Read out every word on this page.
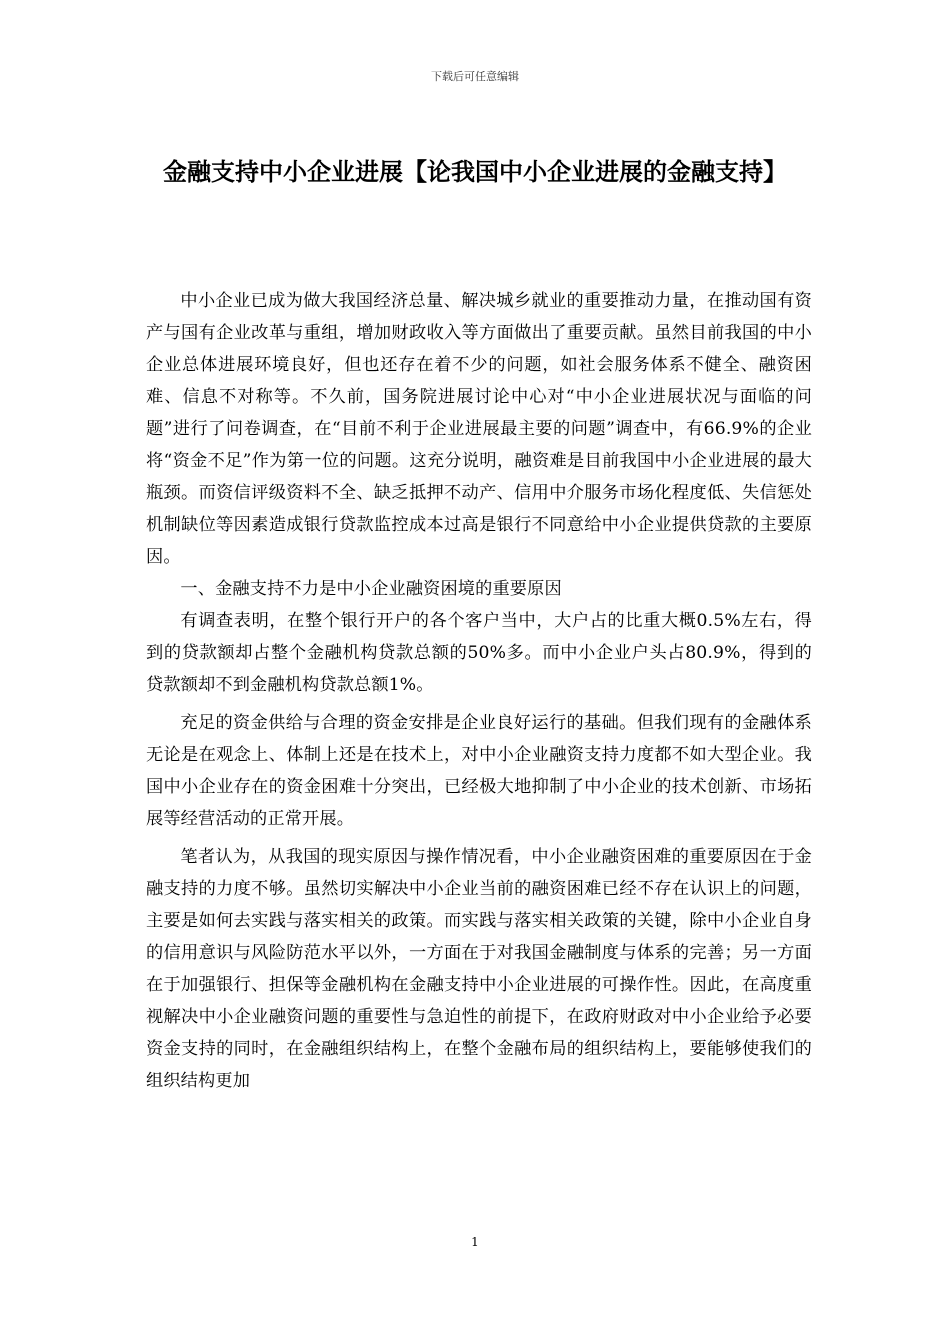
下载后可任意编辑
金融支持中小企业进展【论我国中小企业进展的金融支持】

中小企业已成为做大我国经济总量、解决城乡就业的重要推动力量，在推动国有资产与国有企业改革与重组，增加财政收入等方面做出了重要贡献。虽然目前我国的中小企业总体进展环境良好，但也还存在着不少的问题，如社会服务体系不健全、融资困难、信息不对称等。不久前，国务院进展讨论中心对“中小企业进展状况与面临的问题”进行了问卷调查，在“目前不利于企业进展最主要的问题”调查中，有66.9%的企业将“资金不足”作为第一位的问题。这充分说明，融资难是目前我国中小企业进展的最大瓶颈。而资信评级资料不全、缺乏抵押不动产、信用中介服务市场化程度低、失信惩处机制缺位等因素造成银行贷款监控成本过高是银行不同意给中小企业提供贷款的主要原因。

一、金融支持不力是中小企业融资困境的重要原因

有调查表明，在整个银行开户的各个客户当中，大户占的比重大概0.5%左右，得到的贷款额却占整个金融机构贷款总额的50%多。而中小企业户头占80.9%，得到的贷款额却不到金融机构贷款总额1%。

充足的资金供给与合理的资金安排是企业良好运行的基础。但我们现有的金融体系无论是在观念上、体制上还是在技术上，对中小企业融资支持力度都不如大型企业。我国中小企业存在的资金困难十分突出，已经极大地抑制了中小企业的技术创新、市场拓展等经营活动的正常开展。

笔者认为，从我国的现实原因与操作情况看，中小企业融资困难的重要原因在于金融支持的力度不够。虽然切实解决中小企业当前的融资困难已经不存在认识上的问题，主要是如何去实践与落实相关的政策。而实践与落实相关政策的关键，除中小企业自身的信用意识与风险防范水平以外，一方面在于对我国金融制度与体系的完善；另一方面在于加强银行、担保等金融机构在金融支持中小企业进展的可操作性。因此，在高度重视解决中小企业融资问题的重要性与急迫性的前提下，在政府财政对中小企业给予必要资金支持的同时，在金融组织结构上，在整个金融布局的组织结构上，要能够使我们的组织结构更加

1
